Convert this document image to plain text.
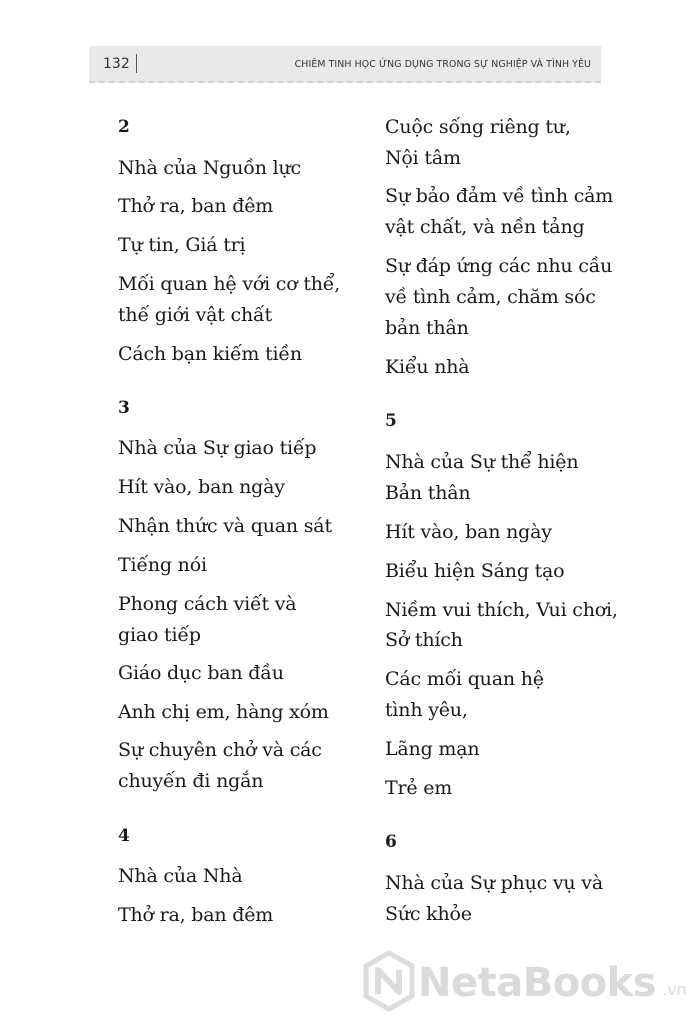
132	CHIÊM TINH HỌC ỨNG DỤNG TRONG SỰ NGHIỆP VÀ TÌNH YÊU
2
Nhà của Nguồn lực
Thở ra, ban đêm
Tự tin, Giá trị
Mối quan hệ với cơ thể,
thế giới vật chất
Cách bạn kiếm tiền
3
Nhà của Sự giao tiếp
Hít vào, ban ngày
Nhận thức và quan sát
Tiếng nói
Phong cách viết và
giao tiếp
Giáo dục ban đầu
Anh chị em, hàng xóm
Sự chuyên chở và các
chuyến đi ngắn
4
Nhà của Nhà
Thở ra, ban đêm
Cuộc sống riêng tư,
Nội tâm
Sự bảo đảm về tình cảm
vật chất, và nền tảng
Sự đáp ứng các nhu cầu
về tình cảm, chăm sóc
bản thân
Kiểu nhà
5
Nhà của Sự thể hiện
Bản thân
Hít vào, ban ngày
Biểu hiện Sáng tạo
Niềm vui thích, Vui chơi,
Sở thích
Các mối quan hệ
tình yêu,
Lãng mạn
Trẻ em
6
Nhà của Sự phục vụ và
Sức khỏe
NetaBooks .vn
